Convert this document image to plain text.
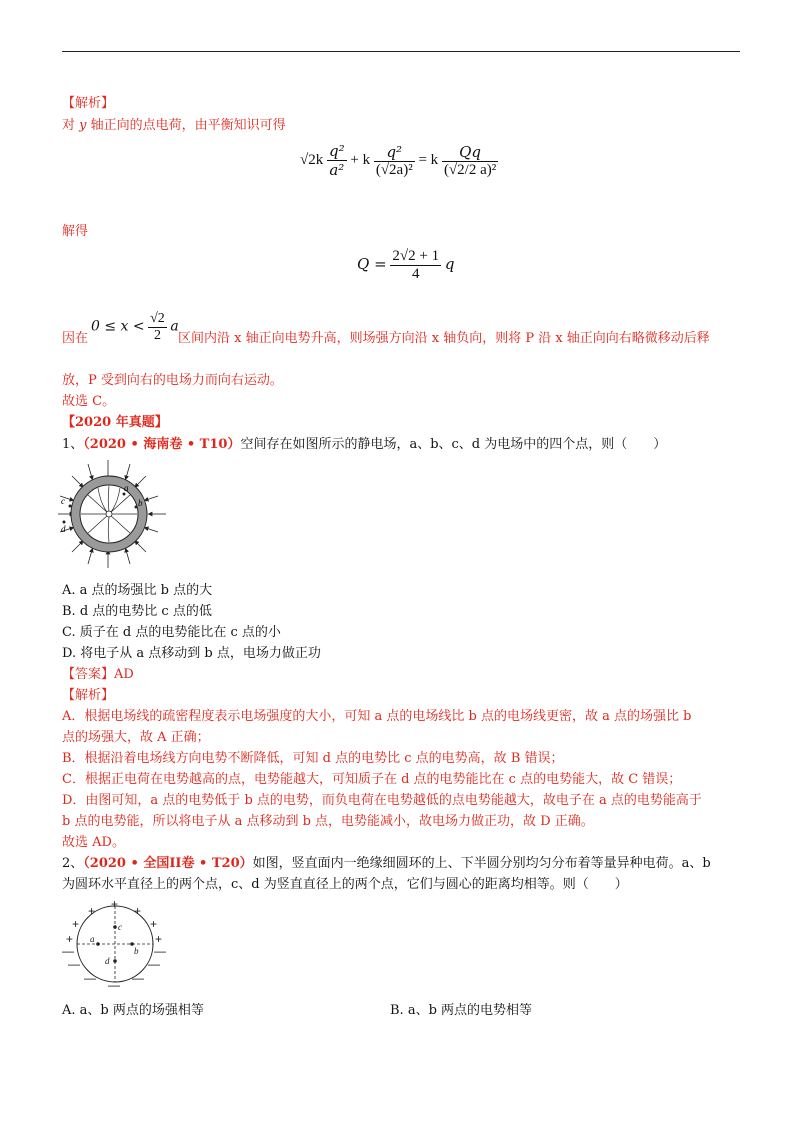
【解析】
对 y 轴正向的点电荷，由平衡知识可得
$√2k \frac{\text{q²}}{\text{a²}} + k \frac{\text{q²}}{\text{(√2a)²}} = k \frac{Qq}{\text{(√2/2 a)²}}$
解得
$Q = \frac{2√2 + 1}{4}$ q
因在
$0 \le x < \frac{√2}{2}$ a
区间内沿 x 轴正向电势升高，则场强方向沿 x 轴负向，则将 P 沿 x 轴正向向右略微移动后释
放，P 受到向右的电场力而向右运动。
故选 C。
【2020 年真题】
1、（2020 • 海南卷 • T10）空间存在如图所示的静电场，a、b、c、d 为电场中的四个点，则（　　）
a
b
c
d
A. a 点的场强比 b 点的大
B. d 点的电势比 c 点的低
C. 质子在 d 点的电势能比在 c 点的小
D. 将电子从 a 点移动到 b 点，电场力做正功
【答案】AD
【解析】
A．根据电场线的疏密程度表示电场强度的大小，可知 a 点的电场线比 b 点的电场线更密，故 a 点的场强比 b
点的场强大，故 A 正确；
B．根据沿着电场线方向电势不断降低，可知 d 点的电势比 c 点的电势高，故 B 错误；
C．根据正电荷在电势越高的点，电势能越大，可知质子在 d 点的电势能比在 c 点的电势能大，故 C 错误；
D．由图可知，a 点的电势低于 b 点的电势，而负电荷在电势越低的点电势能越大，故电子在 a 点的电势能高于
b 点的电势能，所以将电子从 a 点移动到 b 点，电势能减小，故电场力做正功，故 D 正确。
故选 AD。
2、（2020 • 全国II卷 • T20）如图，竖直面内一绝缘细圆环的上、下半圆分别均匀分布着等量异种电荷。a、b
为圆环水平直径上的两个点，c、d 为竖直直径上的两个点，它们与圆心的距离均相等。则（　　）
+
+	+
+	+
+	+
—
—	—
—	—
—	—
a
b
c
d
A. a、b 两点的场强相等	B. a、b 两点的电势相等
